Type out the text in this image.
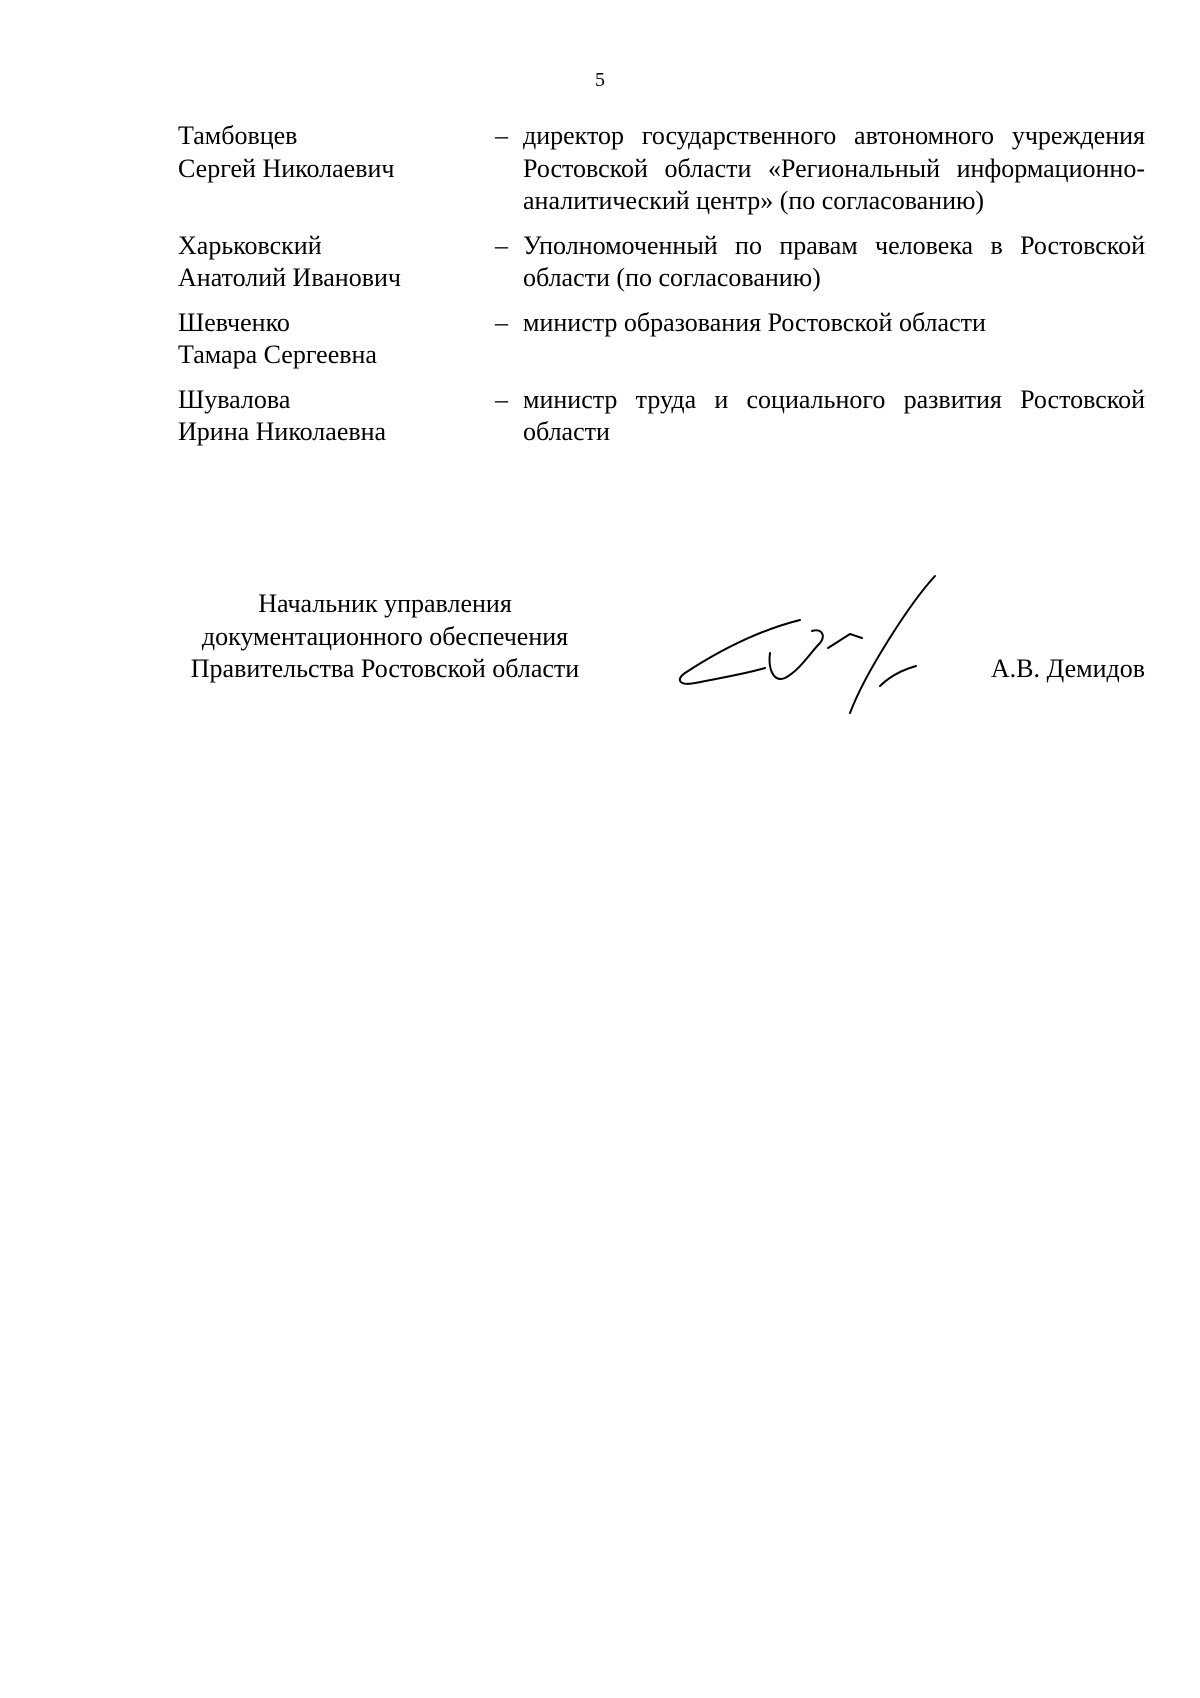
5
Тамбовцев
Сергей Николаевич
– директор государственного автономного учреждения Ростовской области «Региональный информационно-аналитический центр» (по согласованию)
Харьковский
Анатолий Иванович
– Уполномоченный по правам человека в Ростовской области (по согласованию)
Шевченко
Тамара Сергеевна
– министр образования Ростовской области
Шувалова
Ирина Николаевна
– министр труда и социального развития Ростовской области
Начальник управления
документационного обеспечения
Правительства Ростовской области	А.В. Демидов
